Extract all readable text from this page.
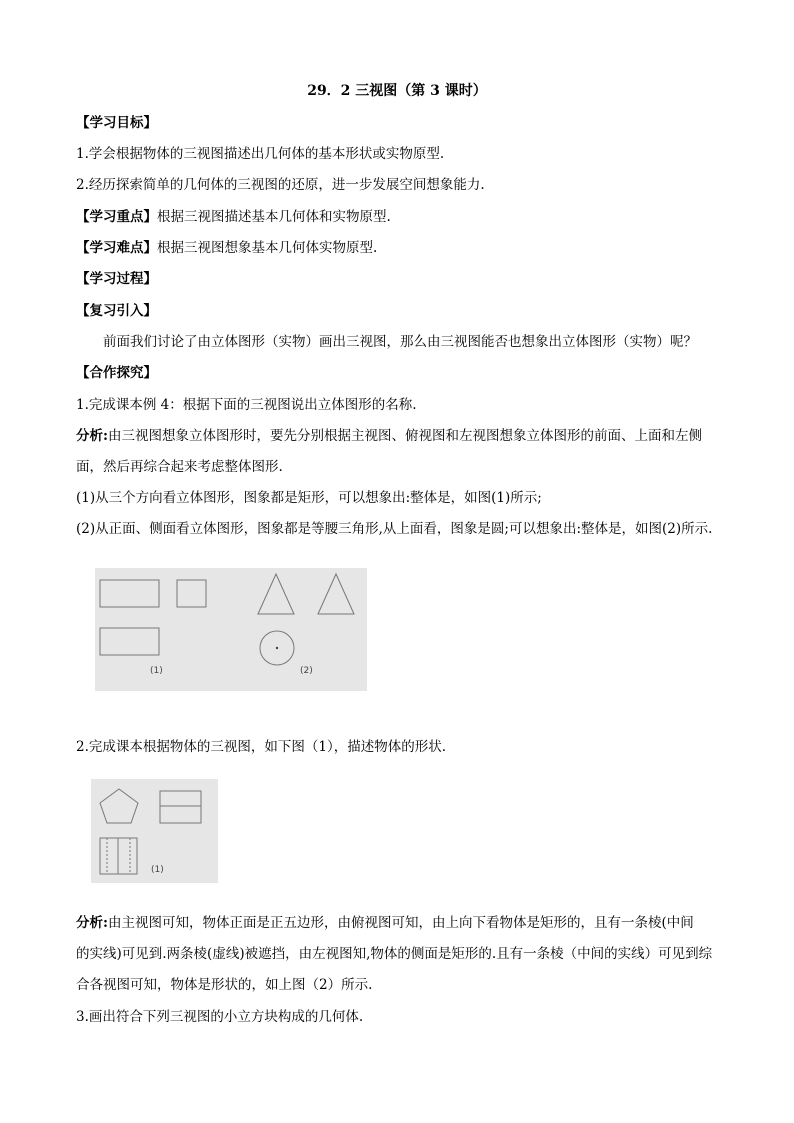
29．2 三视图（第 3 课时）
【学习目标】
1.学会根据物体的三视图描述出几何体的基本形状或实物原型.
2.经历探索简单的几何体的三视图的还原，进一步发展空间想象能力.
【学习重点】根据三视图描述基本几何体和实物原型.
【学习难点】根据三视图想象基本几何体实物原型.
【学习过程】
【复习引入】
前面我们讨论了由立体图形（实物）画出三视图，那么由三视图能否也想象出立体图形（实物）呢？
【合作探究】
1.完成课本例 4：根据下面的三视图说出立体图形的名称.
分析:由三视图想象立体图形时，要先分别根据主视图、俯视图和左视图想象立体图形的前面、上面和左侧
面，然后再综合起来考虑整体图形.
(1)从三个方向看立体图形，图象都是矩形，可以想象出:整体是，如图(1)所示;
(2)从正面、侧面看立体图形，图象都是等腰三角形,从上面看，图象是圆;可以想象出:整体是，如图(2)所示.
(1)	(2)
2.完成课本根据物体的三视图，如下图（1），描述物体的形状.
(1)
分析:由主视图可知，物体正面是正五边形，由俯视图可知，由上向下看物体是矩形的，且有一条棱(中间
的实线)可见到.两条棱(虚线)被遮挡，由左视图知,物体的侧面是矩形的.且有一条棱（中间的实线）可见到综
合各视图可知，物体是形状的，如上图（2）所示.
3.画出符合下列三视图的小立方块构成的几何体.
